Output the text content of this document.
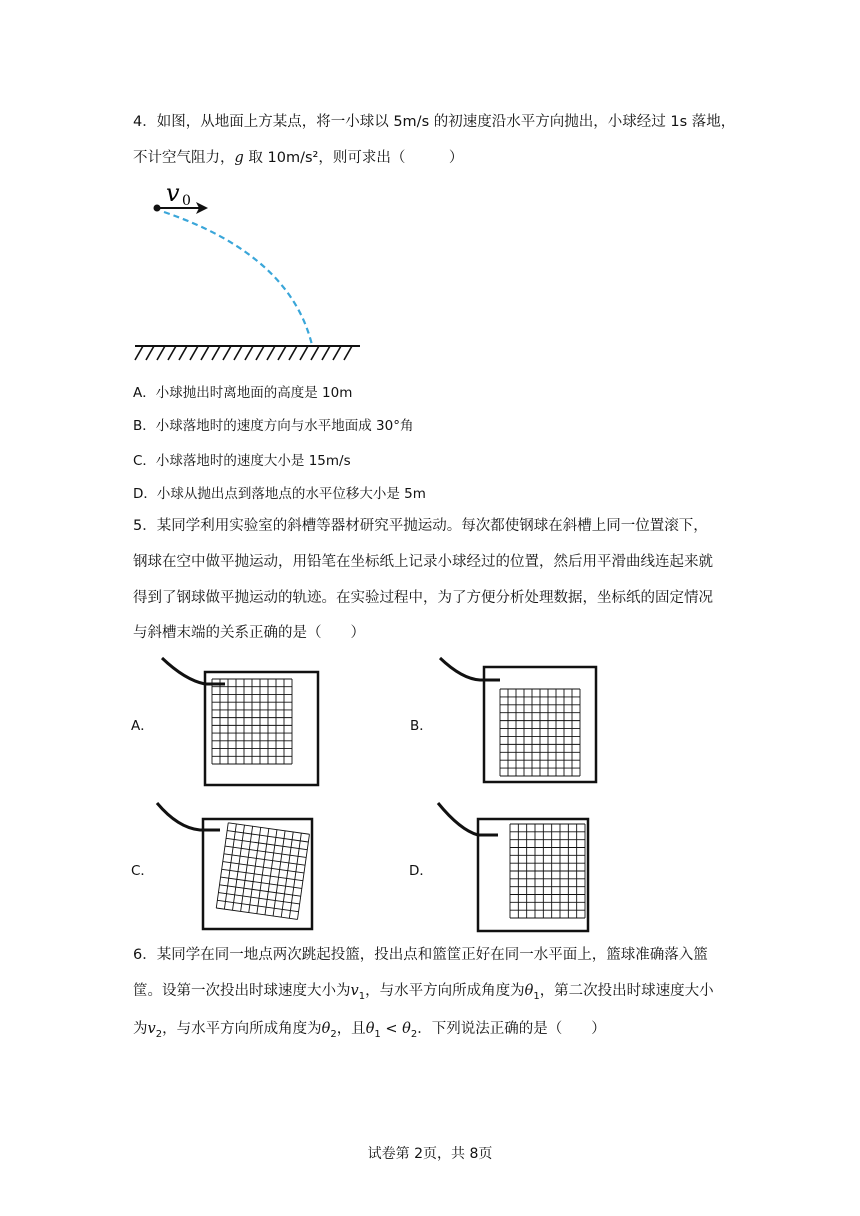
4．如图，从地面上方某点，将一小球以 5m/s 的初速度沿水平方向抛出，小球经过 1s 落地，
不计空气阻力，g 取 10m/s²，则可求出（　　　）
v 0
A．小球抛出时离地面的高度是 10m
B．小球落地时的速度方向与水平地面成 30°角
C．小球落地时的速度大小是 15m/s
D．小球从抛出点到落地点的水平位移大小是 5m
5．某同学利用实验室的斜槽等器材研究平抛运动。每次都使钢球在斜槽上同一位置滚下，
钢球在空中做平抛运动，用铅笔在坐标纸上记录小球经过的位置，然后用平滑曲线连起来就
得到了钢球做平抛运动的轨迹。在实验过程中，为了方便分析处理数据，坐标纸的固定情况
与斜槽末端的关系正确的是（　　）
A．	B．
C．	D．
6．某同学在同一地点两次跳起投篮，投出点和篮筐正好在同一水平面上，篮球准确落入篮
筐。设第一次投出时球速度大小为$v_1$，与水平方向所成角度为$\theta_1$，第二次投出时球速度大小
为$v_2$，与水平方向所成角度为$\theta_2$，且$\theta_1 < \theta_2$．下列说法正确的是（　　）
试卷第 2页，共 8页
